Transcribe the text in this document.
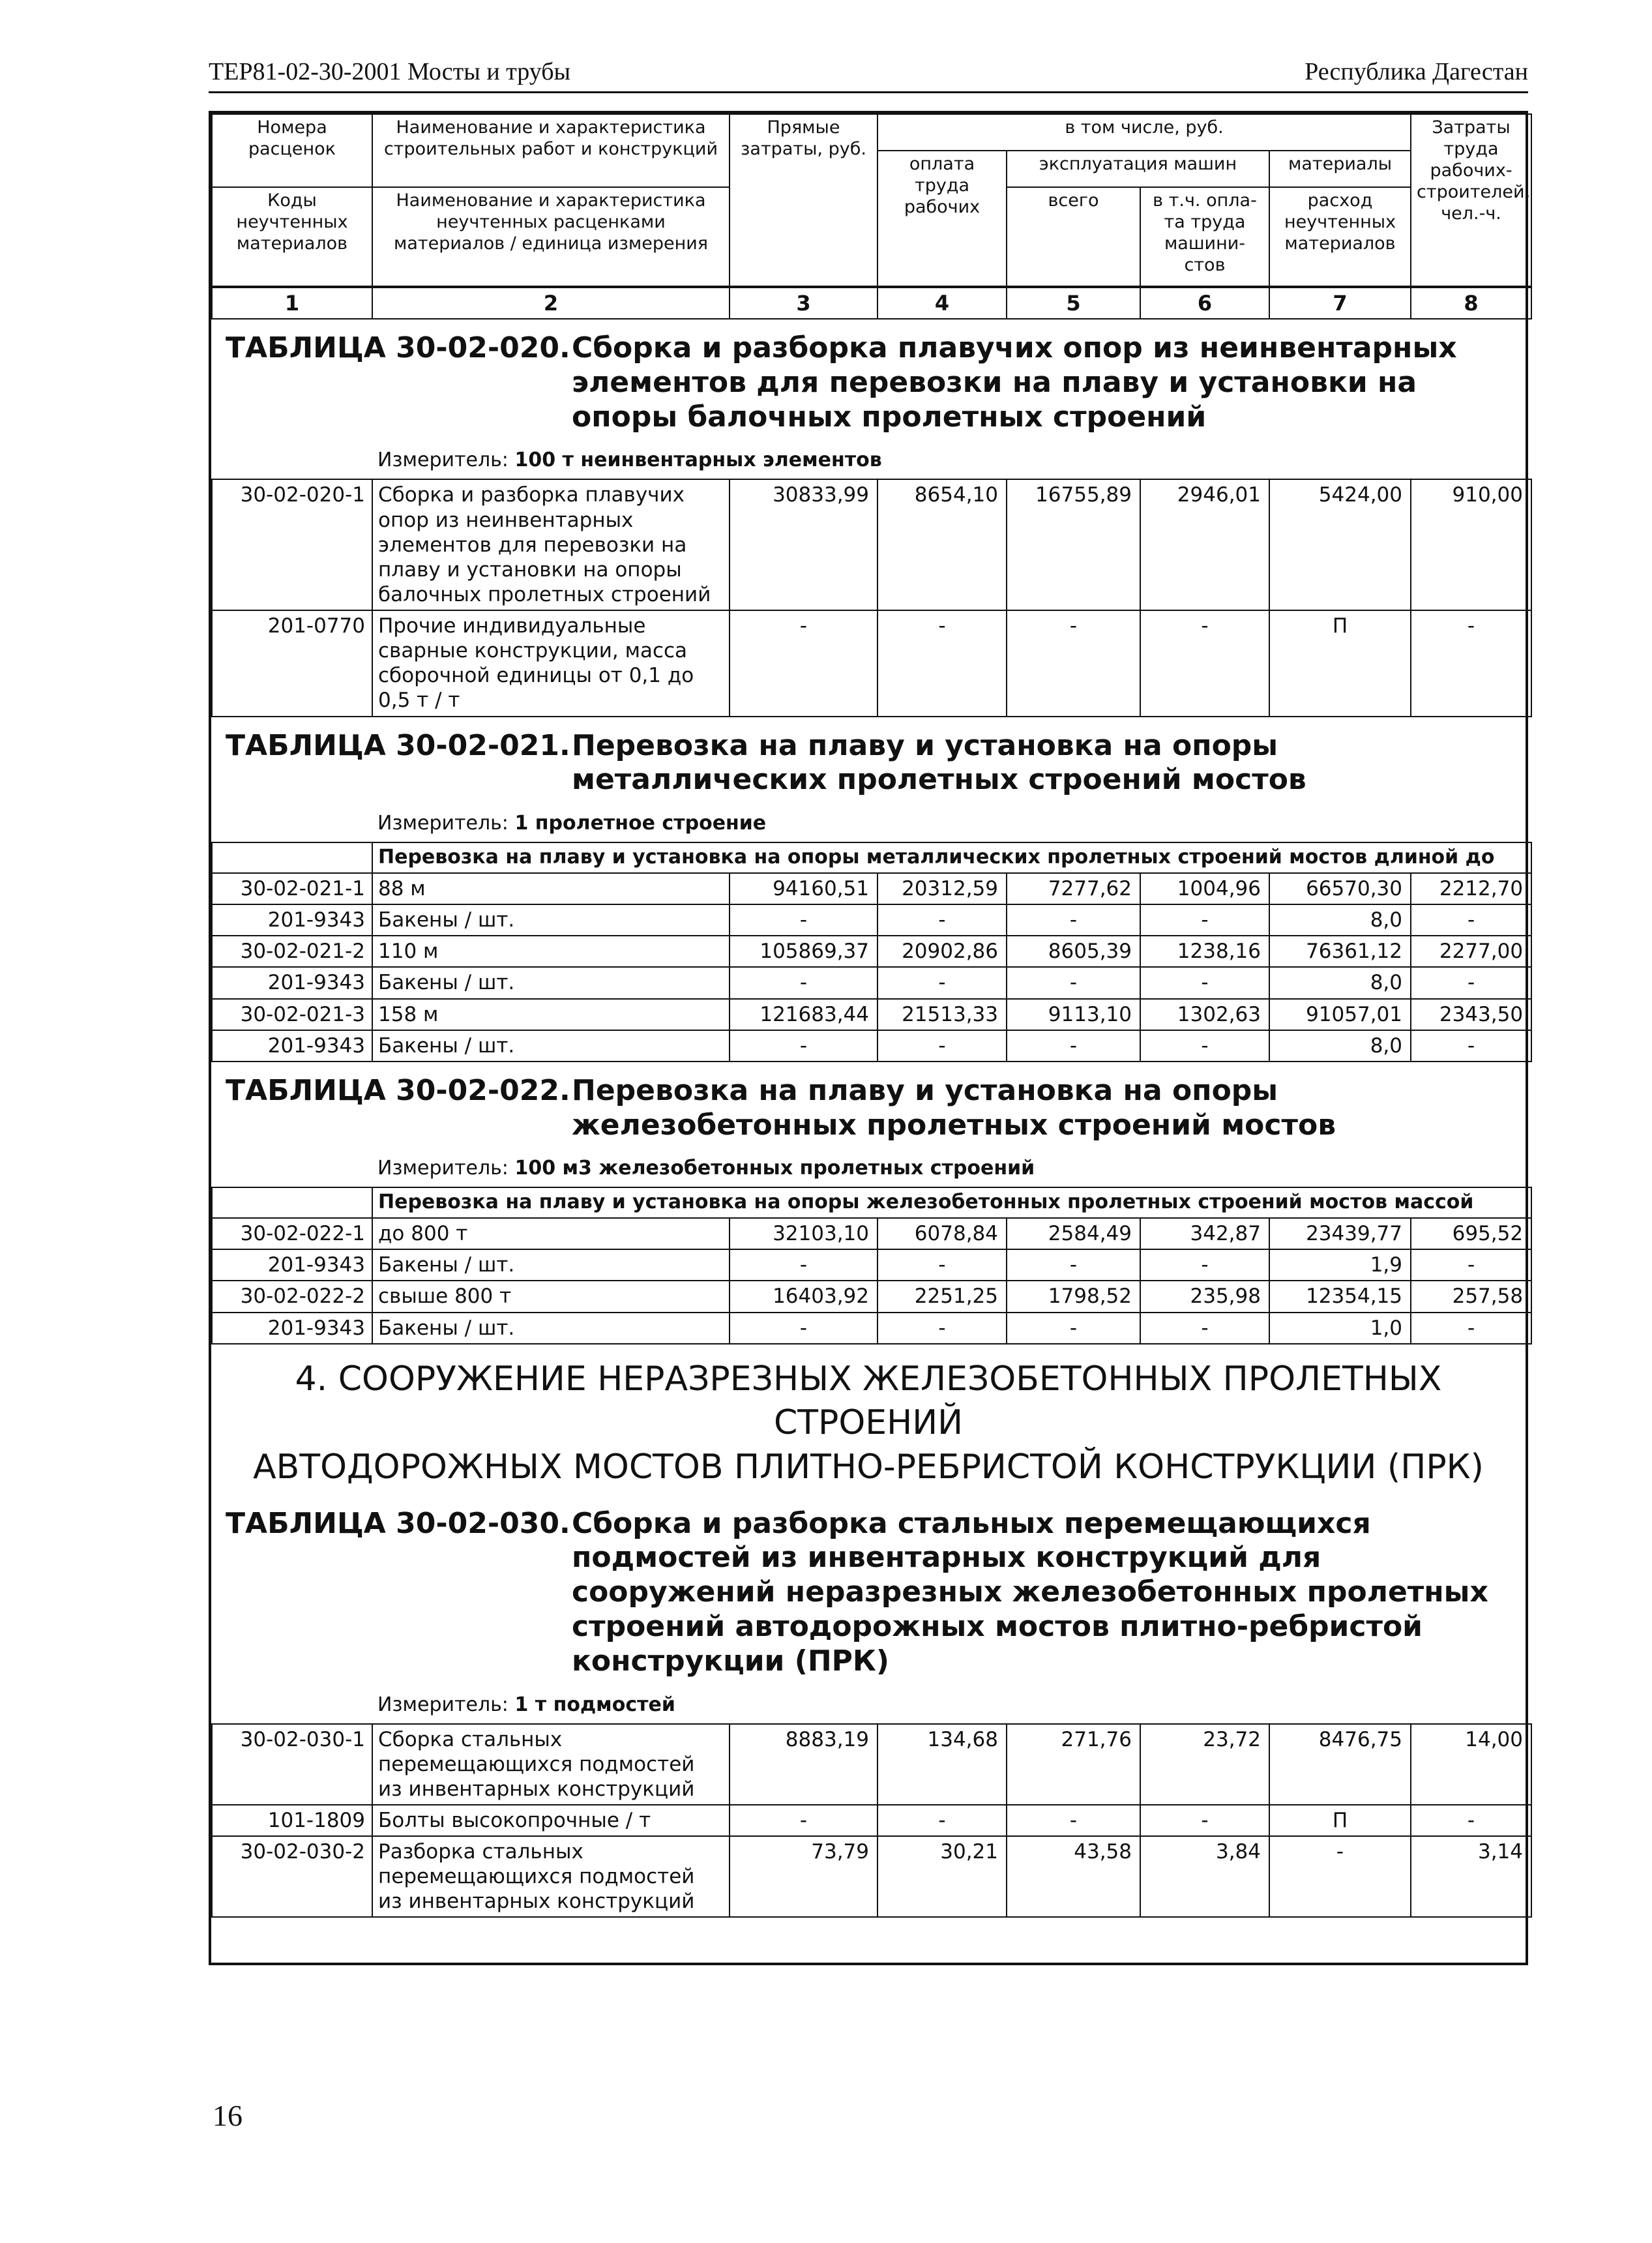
ТЕР81-02-30-2001 Мосты и трубы	Республика Дагестан
Номера расценок	Наименование и характеристика строительных работ и конструкций	Прямые затраты, руб.	в том числе, руб.				Затраты труда рабочих- строителей, чел.-ч.
			оплата труда рабочих	эксплуатация машин		материалы	
Коды неучтенных материалов	Наименование и характеристика неучтенных расценками материалов / единица измерения			всего	в т.ч. опла- та труда машини- стов	расход неучтенных материалов	

1	2	3	4	5	6	7	8
ТАБЛИЦА 30-02-020. Сборка и разборка плавучих опор из неинвентарных элементов для перевозки на плаву и установки на опоры балочных пролетных строений
Измеритель: 100 т неинвентарных элементов
30-02-020-1	Сборка и разборка плавучих опор из неинвентарных элементов для перевозки на плаву и установки на опоры балочных пролетных строений	30833,99	8654,10	16755,89	2946,01	5424,00	910,00
201-0770	Прочие индивидуальные сварные конструкции, масса сборочной единицы от 0,1 до 0,5 т / т	-	-	-	-	П	-
ТАБЛИЦА 30-02-021. Перевозка на плаву и установка на опоры металлических пролетных строений мостов
Измеритель: 1 пролетное строение
	Перевозка на плаву и установка на опоры металлических пролетных строений мостов длиной до						
30-02-021-1	88 м	94160,51	20312,59	7277,62	1004,96	66570,30	2212,70
201-9343	Бакены / шт.	-	-	-	-	8,0	-
30-02-021-2	110 м	105869,37	20902,86	8605,39	1238,16	76361,12	2277,00
201-9343	Бакены / шт.	-	-	-	-	8,0	-
30-02-021-3	158 м	121683,44	21513,33	9113,10	1302,63	91057,01	2343,50
201-9343	Бакены / шт.	-	-	-	-	8,0	-
ТАБЛИЦА 30-02-022. Перевозка на плаву и установка на опоры железобетонных пролетных строений мостов
Измеритель: 100 м3 железобетонных пролетных строений
	Перевозка на плаву и установка на опоры железобетонных пролетных строений мостов массой						
30-02-022-1	до 800 т	32103,10	6078,84	2584,49	342,87	23439,77	695,52
201-9343	Бакены / шт.	-	-	-	-	1,9	-
30-02-022-2	свыше 800 т	16403,92	2251,25	1798,52	235,98	12354,15	257,58
201-9343	Бакены / шт.	-	-	-	-	1,0	-
4. СООРУЖЕНИЕ НЕРАЗРЕЗНЫХ ЖЕЛЕЗОБЕТОННЫХ ПРОЛЕТНЫХ СТРОЕНИЙ
АВТОДОРОЖНЫХ МОСТОВ ПЛИТНО-РЕБРИСТОЙ КОНСТРУКЦИИ (ПРК)
ТАБЛИЦА 30-02-030. Сборка и разборка стальных перемещающихся подмостей из инвентарных конструкций для сооружений неразрезных железобетонных пролетных строений автодорожных мостов плитно-ребристой конструкции (ПРК)
Измеритель: 1 т подмостей
30-02-030-1	Сборка стальных перемещающихся подмостей из инвентарных конструкций	8883,19	134,68	271,76	23,72	8476,75	14,00
101-1809	Болты высокопрочные / т	-	-	-	-	П	-
30-02-030-2	Разборка стальных перемещающихся подмостей из инвентарных конструкций	73,79	30,21	43,58	3,84	-	3,14
16
